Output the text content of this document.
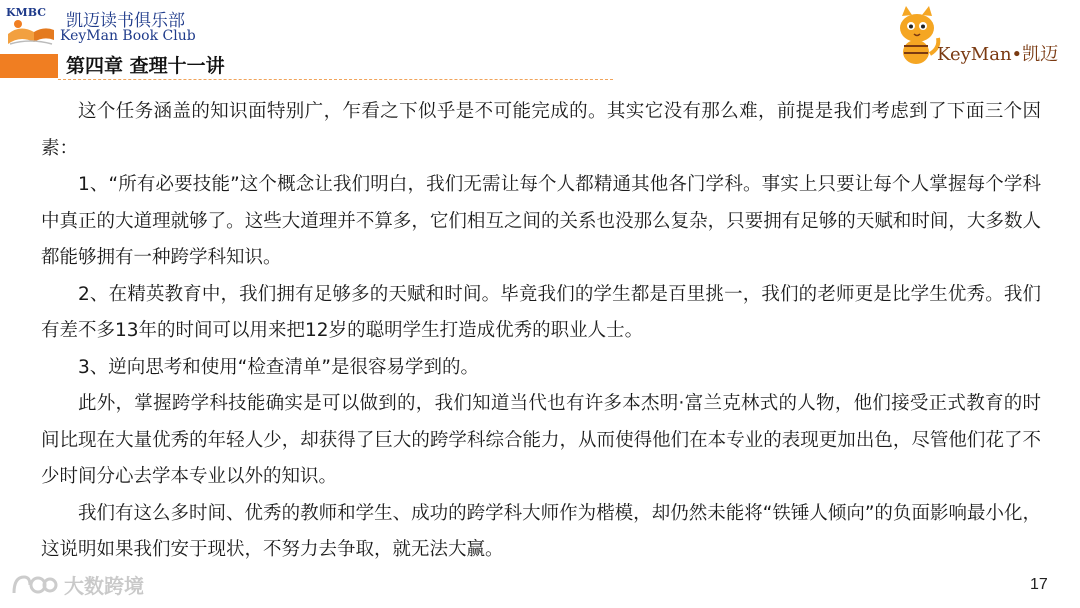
KMBC 凯迈读书俱乐部
KeyMan Book Club
第四章 查理十一讲
KeyMan•凯迈

这个任务涵盖的知识面特别广，乍看之下似乎是不可能完成的。其实它没有那么难，前提是我们考虑到了下面三个因素：

1、“所有必要技能”这个概念让我们明白，我们无需让每个人都精通其他各门学科。事实上只要让每个人掌握每个学科中真正的大道理就够了。这些大道理并不算多，它们相互之间的关系也没那么复杂，只要拥有足够的天赋和时间，大多数人都能够拥有一种跨学科知识。

2、在精英教育中，我们拥有足够多的天赋和时间。毕竟我们的学生都是百里挑一，我们的老师更是比学生优秀。我们有差不多13年的时间可以用来把12岁的聪明学生打造成优秀的职业人士。

3、逆向思考和使用“检查清单”是很容易学到的。

此外，掌握跨学科技能确实是可以做到的，我们知道当代也有许多本杰明·富兰克林式的人物，他们接受正式教育的时间比现在大量优秀的年轻人少，却获得了巨大的跨学科综合能力，从而使得他们在本专业的表现更加出色，尽管他们花了不少时间分心去学本专业以外的知识。

我们有这么多时间、优秀的教师和学生、成功的跨学科大师作为楷模，却仍然未能将“铁锤人倾向”的负面影响最小化，这说明如果我们安于现状，不努力去争取，就无法大赢。

大数跨境	17
